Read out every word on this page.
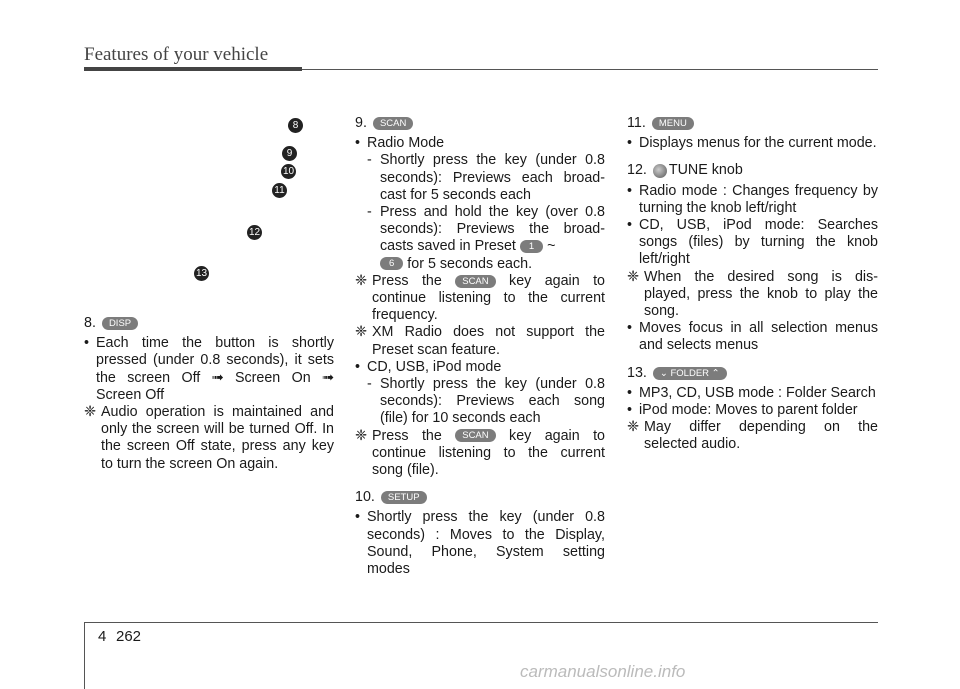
Features of your vehicle
8
9
10
11
12
13
8.	DISP

• Each time the button is shortly pressed (under 0.8 seconds), it sets the screen Off ➟ Screen On ➟ Screen Off

❈ Audio operation is maintained and only the screen will be turned Off. In the screen Off state, press any key to turn the screen On again.

9.	SCAN

• Radio Mode

- Shortly press the key (under 0.8 seconds): Previews each broad- cast for 5 seconds each

- Press and hold the key (over 0.8 seconds): Previews the broad- casts saved in Preset 1 ~
6 for 5 seconds each.

❈ Press the SCAN key again to continue listening to the current frequency.

❈ XM Radio does not support the Preset scan feature.

• CD, USB, iPod mode

- Shortly press the key (under 0.8 seconds): Previews each song (file) for 10 seconds each

❈ Press the SCAN key again to continue listening to the current song (file).

10.	SETUP

• Shortly press the key (under 0.8 seconds) : Moves to the Display, Sound, Phone, System setting modes

11.	MENU

• Displays menus for the current mode.

12.	TUNE knob

• Radio mode : Changes frequency by turning the knob left/right

• CD, USB, iPod mode: Searches songs (files) by turning the knob left/right

❈ When the desired song is dis- played, press the knob to play the song.

• Moves focus in all selection menus and selects menus

13.	⌄ FOLDER ⌃

• MP3, CD, USB mode : Folder Search

• iPod mode: Moves to parent folder

❈ May differ depending on the selected audio.

4 262
carmanualsonline.info
